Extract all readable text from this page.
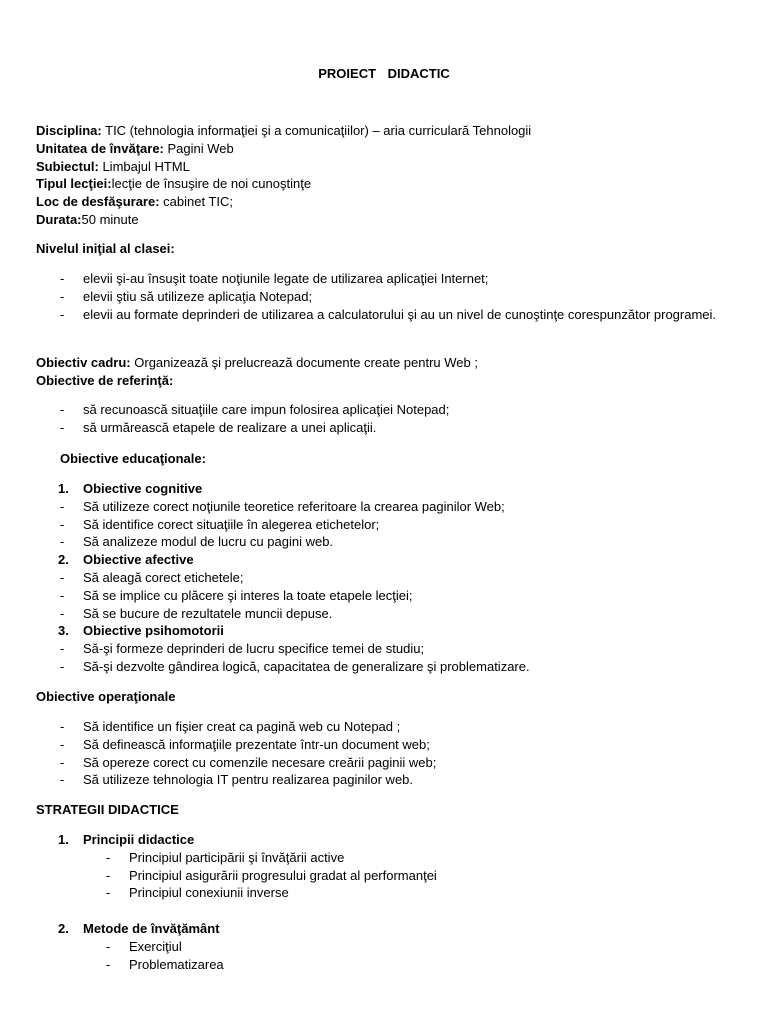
PROIECT DIDACTIC
Disciplina: TIC (tehnologia informaţiei şi a comunicaţiilor) – aria curriculară Tehnologii
Unitatea de învăţare: Pagini Web
Subiectul: Limbajul HTML
Tipul lecţiei:lecţie de însuşire de noi cunoştinţe
Loc de desfăşurare: cabinet TIC;
Durata:50 minute
Nivelul iniţial al clasei:
- elevii şi-au însuşit toate noţiunile legate de utilizarea aplicaţiei Internet;
- elevii ştiu să utilizeze aplicaţia Notepad;
- elevii au formate deprinderi de utilizarea a calculatorului şi au un nivel de cunoştinţe corespunzător programei.
Obiectiv cadru: Organizează şi prelucrează documente create pentru Web ;
Obiective de referinţă:
- să recunoască situaţiile care impun folosirea aplicaţiei Notepad;
- să urmărească etapele de realizare a unei aplicaţii.
Obiective educaţionale:
1. Obiective cognitive
- Să utilizeze corect noţiunile teoretice referitoare la crearea paginilor Web;
- Să identifice corect situaţiile în alegerea etichetelor;
- Să analizeze modul de lucru cu pagini web.
2. Obiective afective
- Să aleagă corect etichetele;
- Să se implice cu plăcere şi interes la toate etapele lecţiei;
- Să se bucure de rezultatele muncii depuse.
3. Obiective psihomotorii
- Să-şi formeze deprinderi de lucru specifice temei de studiu;
- Să-şi dezvolte gândirea logică, capacitatea de generalizare şi problematizare.
Obiective operaţionale
- Să identifice un fişier creat ca pagină web cu Notepad ;
- Să definească informaţiile prezentate într-un document web;
- Să opereze corect cu comenzile necesare creării paginii web;
- Să utilizeze tehnologia IT pentru realizarea paginilor web.
STRATEGII DIDACTICE
1. Principii didactice
- Principiul participării şi învăţării active
- Principiul asigurării progresului gradat al performanţei
- Principiul conexiunii inverse
2. Metode de învăţământ
- Exerciţiul
- Problematizarea
